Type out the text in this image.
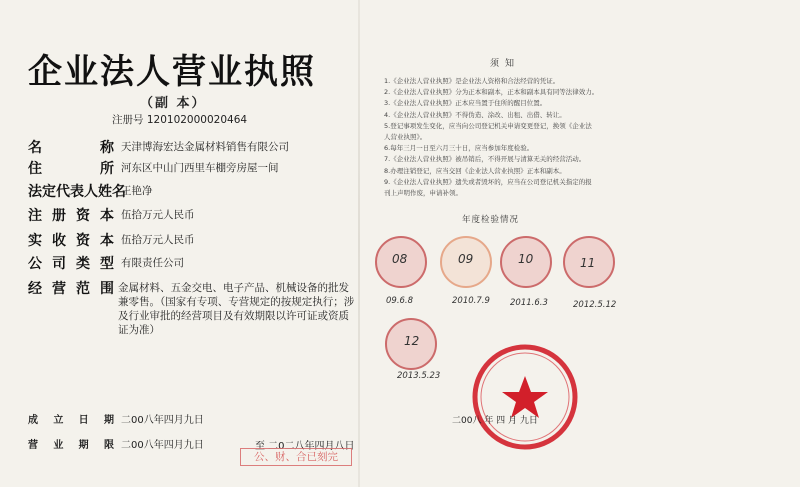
企业法人营业执照
（副 本）
注册号 120102000020464
名	称 天津博海宏达金属材料销售有限公司
住	所 河东区中山门西里车棚旁房屋一间
法定代表人姓名
王艳净
注 册 资 本 伍拾万元人民币
实 收 资 本 伍拾万元人民币
公 司 类 型 有限责任公司
经 营 范 围 金属材料、五金交电、电子产品、机械设备的批发兼零售。（国家有专项、专营规定的按规定执行；涉及行业审批的经营项目及有效期限以许可证或资质证为准）
成 立 日 期 二00八年四月九日
营 业 期 限 二00八年四月九日	至 二0二八年四月八日
公、财、合已刻完
须知
1.《企业法人营业执照》是企业法人资格和合法经营的凭证。
2.《企业法人营业执照》分为正本和副本，正本和副本具有同等法律效力。
3.《企业法人营业执照》正本应当置于住所的醒目位置。
4.《企业法人营业执照》不得伪造、涂改、出租、出借、转让。
5.登记事项发生变化，应当向公司登记机关申请变更登记，换领《企业法
人营业执照》。
6.每年三月一日至六月三十日，应当参加年度检验。
7.《企业法人营业执照》被吊销后，不得开展与清算无关的经营活动。
8.办理注销登记，应当交回《企业法人营业执照》正本和副本。
9.《企业法人营业执照》遗失或者毁坏的，应当在公司登记机关指定的报
刊上声明作废，申请补领。
年度检验情况
08
09.6.8
09
2010.7.9
10
2011.6.3
11
2012.5.12
12
2013.5.23
二00八 年 四 月 九日
